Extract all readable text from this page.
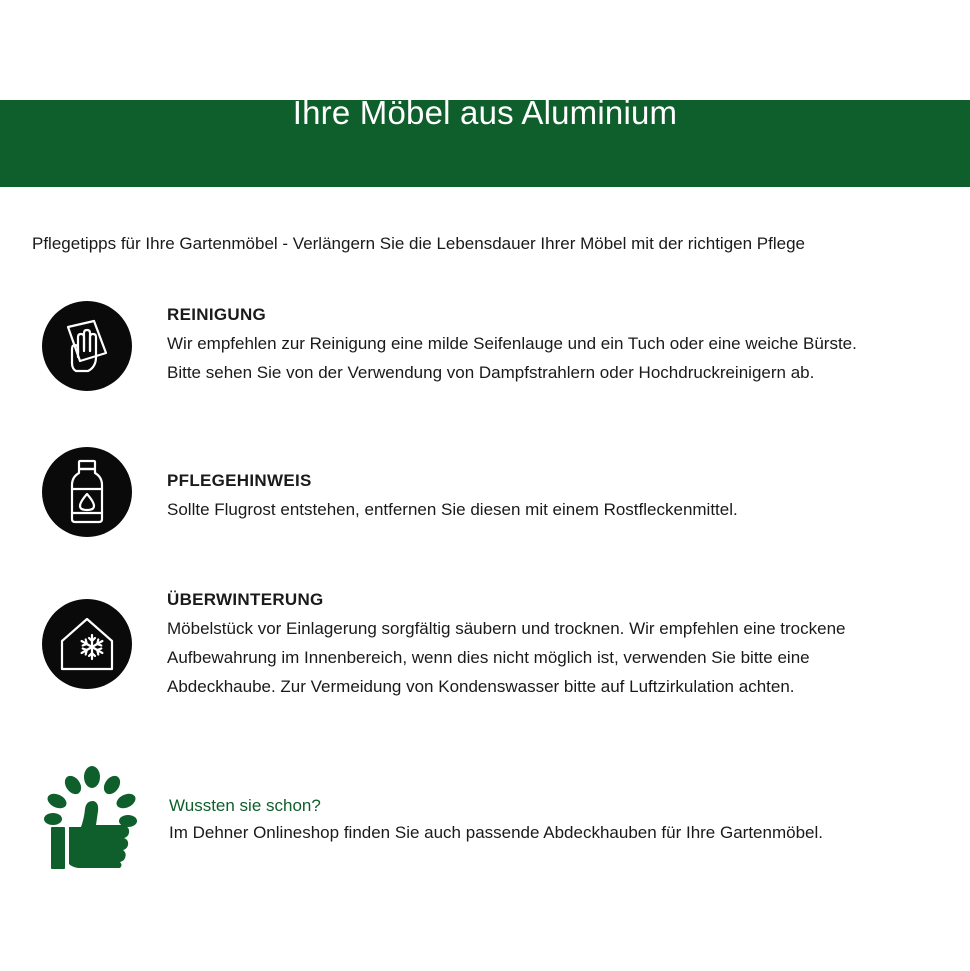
Ihre Möbel aus Aluminium
Pflegetipps für Ihre Gartenmöbel - Verlängern Sie die Lebensdauer Ihrer Möbel mit der richtigen Pflege
REINIGUNG
Wir empfehlen zur Reinigung eine milde Seifenlauge und ein Tuch oder eine weiche Bürste.
Bitte sehen Sie von der Verwendung von Dampfstrahlern oder Hochdruckreinigern ab.
PFLEGEHINWEIS
Sollte Flugrost entstehen, entfernen Sie diesen mit einem Rostfleckenmittel.
ÜBERWINTERUNG
Möbelstück vor Einlagerung sorgfältig säubern und trocknen. Wir empfehlen eine trockene
Aufbewahrung im Innenbereich, wenn dies nicht möglich ist, verwenden Sie bitte eine
Abdeckhaube. Zur Vermeidung von Kondenswasser bitte auf Luftzirkulation achten.
Wussten sie schon?
Im Dehner Onlineshop finden Sie auch passende Abdeckhauben für Ihre Gartenmöbel.
